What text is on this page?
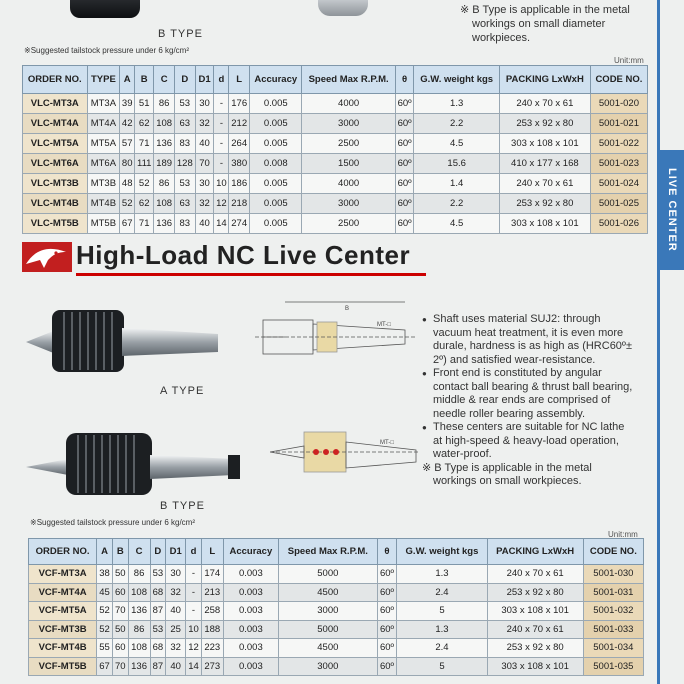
LIVE CENTER
B TYPE
※ B Type is applicable in the metal
workings on small diameter
workpieces.
※Suggested tailstock pressure under 6 kg/cm²
Unit:mm
ORDER NO.	TYPE	A	B	C	D	D1	d	L	Accuracy	Speed Max R.P.M.	θ	G.W. weight kgs	PACKING LxWxH	CODE NO.
VLC-MT3A	MT3A	39	51	86	53	30	-	176	0.005	4000	60º	1.3	240 x 70 x 61	5001-020
VLC-MT4A	MT4A	42	62	108	63	32	-	212	0.005	3000	60º	2.2	253 x 92 x 80	5001-021
VLC-MT5A	MT5A	57	71	136	83	40	-	264	0.005	2500	60º	4.5	303 x 108 x 101	5001-022
VLC-MT6A	MT6A	80	111	189	128	70	-	380	0.008	1500	60º	15.6	410 x 177 x 168	5001-023
VLC-MT3B	MT3B	48	52	86	53	30	10	186	0.005	4000	60º	1.4	240 x 70 x 61	5001-024
VLC-MT4B	MT4B	52	62	108	63	32	12	218	0.005	3000	60º	2.2	253 x 92 x 80	5001-025
VLC-MT5B	MT5B	67	71	136	83	40	14	274	0.005	2500	60º	4.5	303 x 108 x 101	5001-026
High-Load NC Live Center
A TYPE
B
MT-□
B TYPE
MT-□
● Shaft uses material SUJ2: through
vacuum heat treatment, it is even more
durale, hardness is as high as (HRC60º±
2º) and satisfied wear-resistance.
● Front end is constituted by angular
contact ball bearing & thrust ball bearing,
middle & rear ends are comprised of
needle roller bearing assembly.
● These centers are suitable for NC lathe
at high-speed & heavy-load operation,
water-proof.
※ B Type is applicable in the metal
workings on small workpieces.
※Suggested tailstock pressure under 6 kg/cm²
Unit:mm
ORDER NO.	A	B	C	D	D1	d	L	Accuracy	Speed Max R.P.M.	θ	G.W. weight kgs	PACKING LxWxH	CODE NO.
VCF-MT3A	38	50	86	53	30	-	174	0.003	5000	60º	1.3	240 x 70 x 61	5001-030
VCF-MT4A	45	60	108	68	32	-	213	0.003	4500	60º	2.4	253 x 92 x 80	5001-031
VCF-MT5A	52	70	136	87	40	-	258	0.003	3000	60º	5	303 x 108 x 101	5001-032
VCF-MT3B	52	50	86	53	25	10	188	0.003	5000	60º	1.3	240 x 70 x 61	5001-033
VCF-MT4B	55	60	108	68	32	12	223	0.003	4500	60º	2.4	253 x 92 x 80	5001-034
VCF-MT5B	67	70	136	87	40	14	273	0.003	3000	60º	5	303 x 108 x 101	5001-035
